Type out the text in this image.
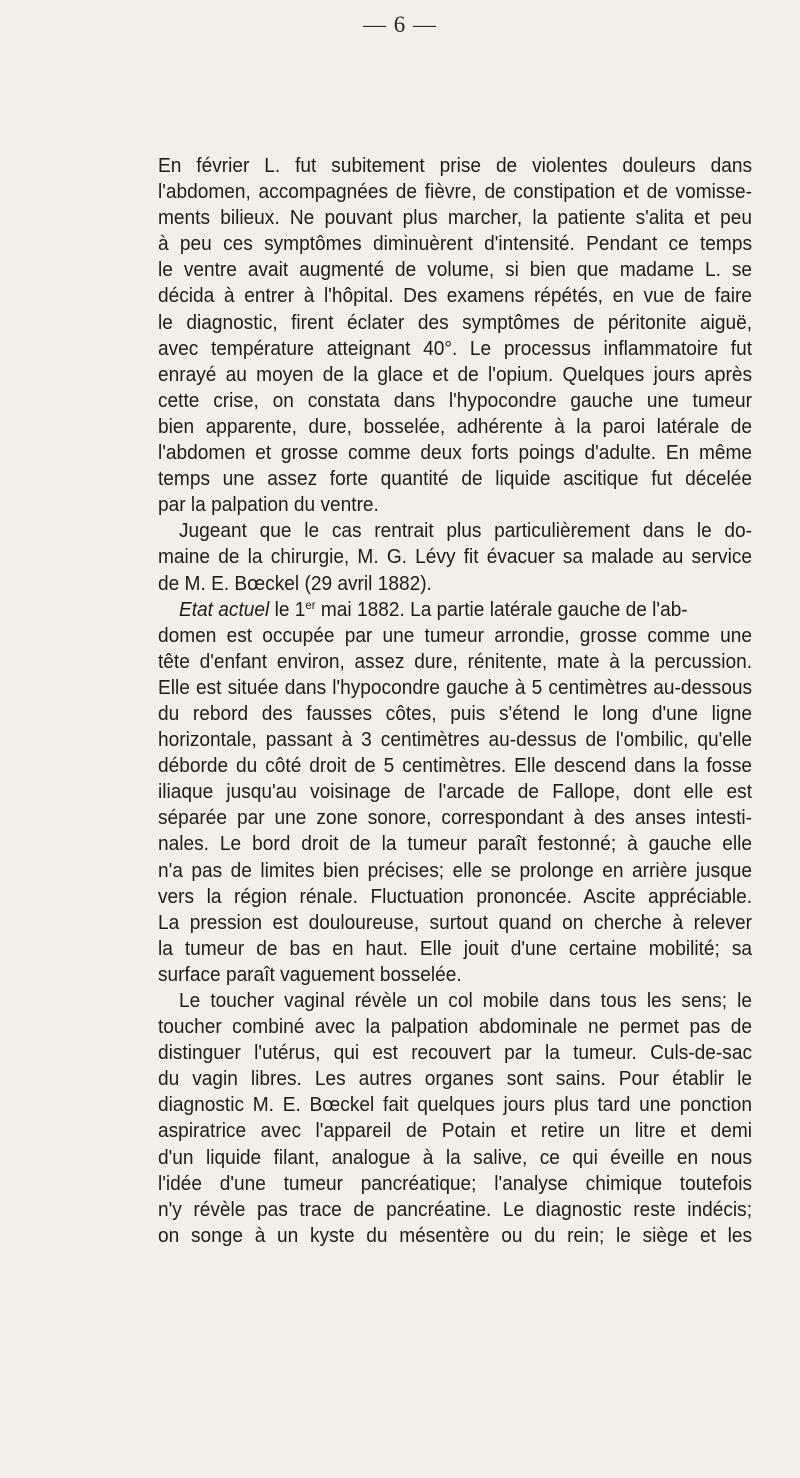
— 6 —
En février L. fut subitement prise de violentes douleurs dans
l'abdomen, accompagnées de fièvre, de constipation et de vomisse-
ments bilieux. Ne pouvant plus marcher, la patiente s'alita et peu
à peu ces symptômes diminuèrent d'intensité. Pendant ce temps
le ventre avait augmenté de volume, si bien que madame L. se
décida à entrer à l'hôpital. Des examens répétés, en vue de faire
le diagnostic, firent éclater des symptômes de péritonite aiguë,
avec température atteignant 40°. Le processus inflammatoire fut
enrayé au moyen de la glace et de l'opium. Quelques jours après
cette crise, on constata dans l'hypocondre gauche une tumeur
bien apparente, dure, bosselée, adhérente à la paroi latérale de
l'abdomen et grosse comme deux forts poings d'adulte. En même
temps une assez forte quantité de liquide ascitique fut décelée
par la palpation du ventre.
Jugeant que le cas rentrait plus particulièrement dans le do-
maine de la chirurgie, M. G. Lévy fit évacuer sa malade au service
de M. E. Bœckel (29 avril 1882).
Etat actuel le 1er mai 1882. La partie latérale gauche de l'ab-
domen est occupée par une tumeur arrondie, grosse comme une
tête d'enfant environ, assez dure, rénitente, mate à la percussion.
Elle est située dans l'hypocondre gauche à 5 centimètres au-dessous
du rebord des fausses côtes, puis s'étend le long d'une ligne
horizontale, passant à 3 centimètres au-dessus de l'ombilic, qu'elle
déborde du côté droit de 5 centimètres. Elle descend dans la fosse
iliaque jusqu'au voisinage de l'arcade de Fallope, dont elle est
séparée par une zone sonore, correspondant à des anses intesti-
nales. Le bord droit de la tumeur paraît festonné; à gauche elle
n'a pas de limites bien précises; elle se prolonge en arrière jusque
vers la région rénale. Fluctuation prononcée. Ascite appréciable.
La pression est douloureuse, surtout quand on cherche à relever
la tumeur de bas en haut. Elle jouit d'une certaine mobilité; sa
surface paraît vaguement bosselée.
Le toucher vaginal révèle un col mobile dans tous les sens; le
toucher combiné avec la palpation abdominale ne permet pas de
distinguer l'utérus, qui est recouvert par la tumeur. Culs-de-sac
du vagin libres. Les autres organes sont sains. Pour établir le
diagnostic M. E. Bœckel fait quelques jours plus tard une ponction
aspiratrice avec l'appareil de Potain et retire un litre et demi
d'un liquide filant, analogue à la salive, ce qui éveille en nous
l'idée d'une tumeur pancréatique; l'analyse chimique toutefois
n'y révèle pas trace de pancréatine. Le diagnostic reste indécis;
on songe à un kyste du mésentère ou du rein; le siège et les
